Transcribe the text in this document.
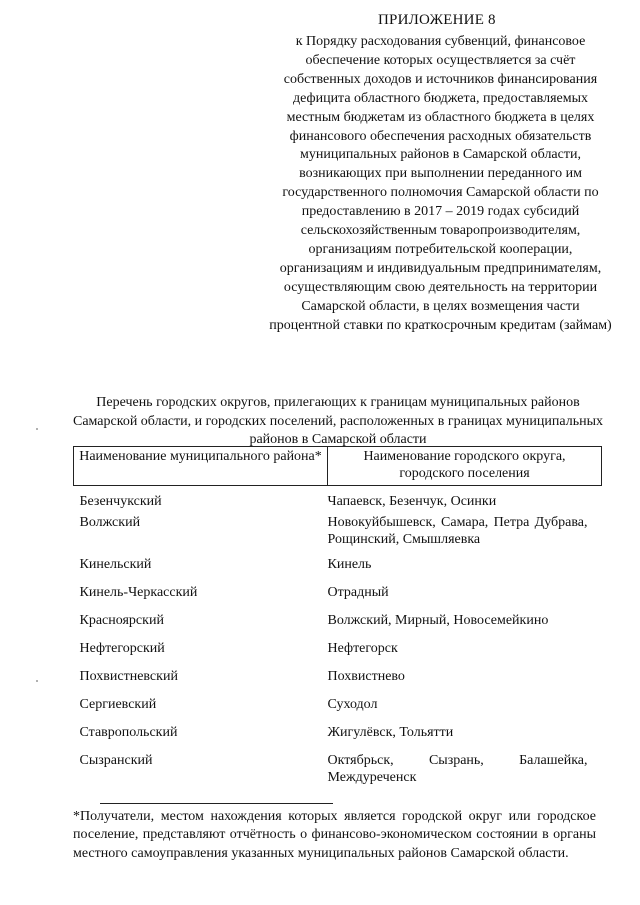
ПРИЛОЖЕНИЕ 8
к Порядку расходования субвенций, финансовое обеспечение которых осуществляется за счёт собственных доходов и источников финансирования дефицита областного бюджета, предоставляемых местным бюджетам из областного бюджета в целях финансового обеспечения расходных обязательств муниципальных районов в Самарской области, возникающих при выполнении переданного им государственного полномочия Самарской области по предоставлению в 2017 – 2019 годах субсидий сельскохозяйственным товаропроизводителям, организациям потребительской кооперации, организациям и индивидуальным предпринимателям, осуществляющим свою деятельность на территории Самарской области, в целях возмещения части процентной ставки по краткосрочным кредитам (займам)
Перечень городских округов, прилегающих к границам муниципальных районов Самарской области, и городских поселений, расположенных в границах муниципальных районов в Самарской области
Наименование муниципального района*	Наименование городского округа, городского поселения
Безенчукский	Чапаевск, Безенчук, Осинки
Волжский	Новокуйбышевск, Самара, Петра Дубрава, Рощинский, Смышляевка
Кинельский	Кинель
Кинель-Черкасский	Отрадный
Красноярский	Волжский, Мирный, Новосемейкино
Нефтегорский	Нефтегорск
Похвистневский	Похвистнево
Сергиевский	Суходол
Ставропольский	Жигулёвск, Тольятти
Сызранский	Октябрьск, Сызрань, Балашейка, Междуреченск
*Получатели, местом нахождения которых является городской округ или городское поселение, представляют отчётность о финансово-экономическом состоянии в органы местного самоуправления указанных муниципальных районов Самарской области.
